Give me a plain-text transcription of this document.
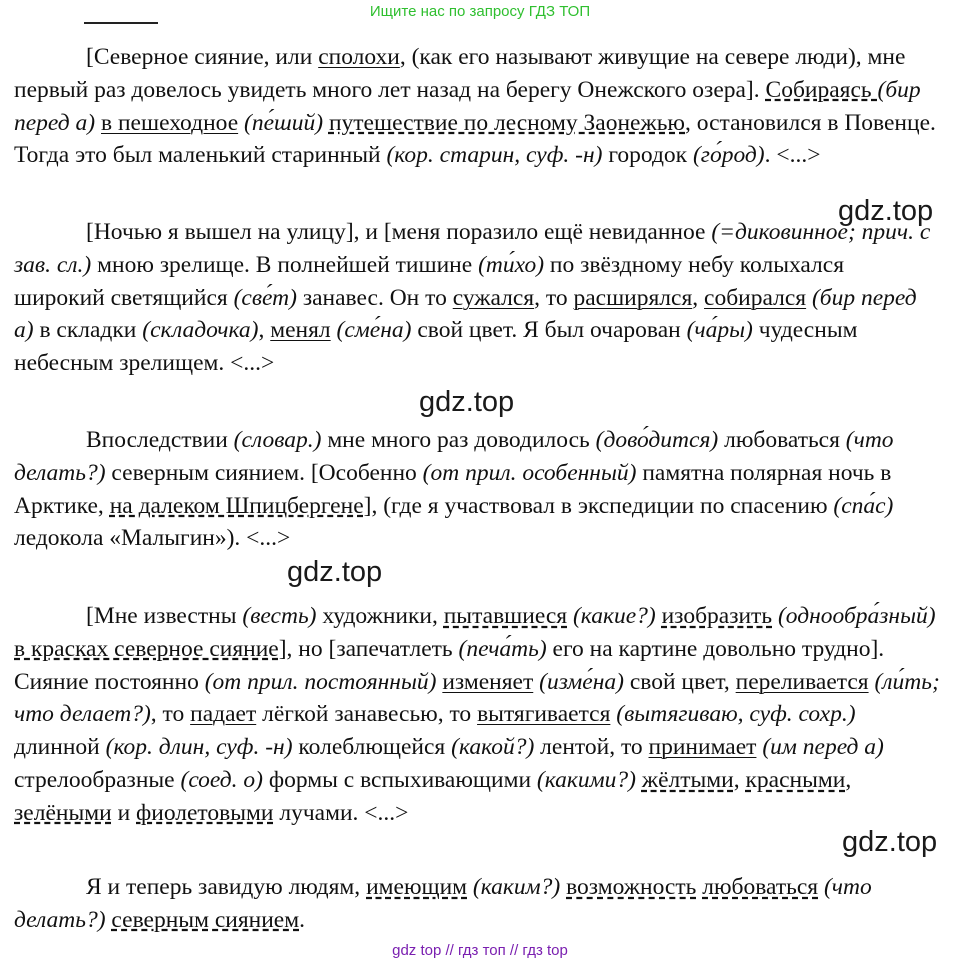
Ищите нас по запросу ГДЗ ТОП

[Северное сияние, или сполохи, (как его называют живущие на севере люди), мне первый раз довелось увидеть много лет назад на берегу Онежского озера]. Собираясь (бир перед а) в пешеходное (пе́ший) путешествие по лесному Заонежью, остановился в Повенце. Тогда это был маленький старинный (кор. старин, суф. -н) городок (го́род). <...>

[Ночью я вышел на улицу], и [меня поразило ещё невиданное (=диковинное; прич. с зав. сл.) мною зрелище. В полнейшей тишине (ти́хо) по звёздному небу колыхался широкий светящийся (све́т) занавес. Он то сужался, то расширялся, собирался (бир перед а) в складки (складочка), менял (сме́на) свой цвет. Я был очарован (ча́ры) чудесным небесным зрелищем. <...>

Впоследствии (словар.) мне много раз доводилось (дово́дится) любоваться (что делать?) северным сиянием. [Особенно (от прил. особенный) памятна полярная ночь в Арктике, на далеком Шпицбергене], (где я участвовал в экспедиции по спасению (спа́с) ледокола «Малыгин»). <...>

[Мне известны (весть) художники, пытавшиеся (какие?) изобразить (однообра́зный) в красках северное сияние], но [запечатлеть (печа́ть) его на картине довольно трудно]. Сияние постоянно (от прил. постоянный) изменяет (изме́на) свой цвет, переливается (ли́ть; что делает?), то падает лёгкой занавесью, то вытягивается (вытягиваю, суф. сохр.) длинной (кор. длин, суф. -н) колеблющейся (какой?) лентой, то принимает (им перед а) стрелообразные (соед. о) формы с вспыхивающими (какими?) жёлтыми, красными, зелёными и фиолетовыми лучами. <...>

Я и теперь завидую людям, имеющим (каким?) возможность любоваться (что делать?) северным сиянием.

gdz.top
gdz.top
gdz.top
gdz.top
gdz top // гдз топ // гдз top
